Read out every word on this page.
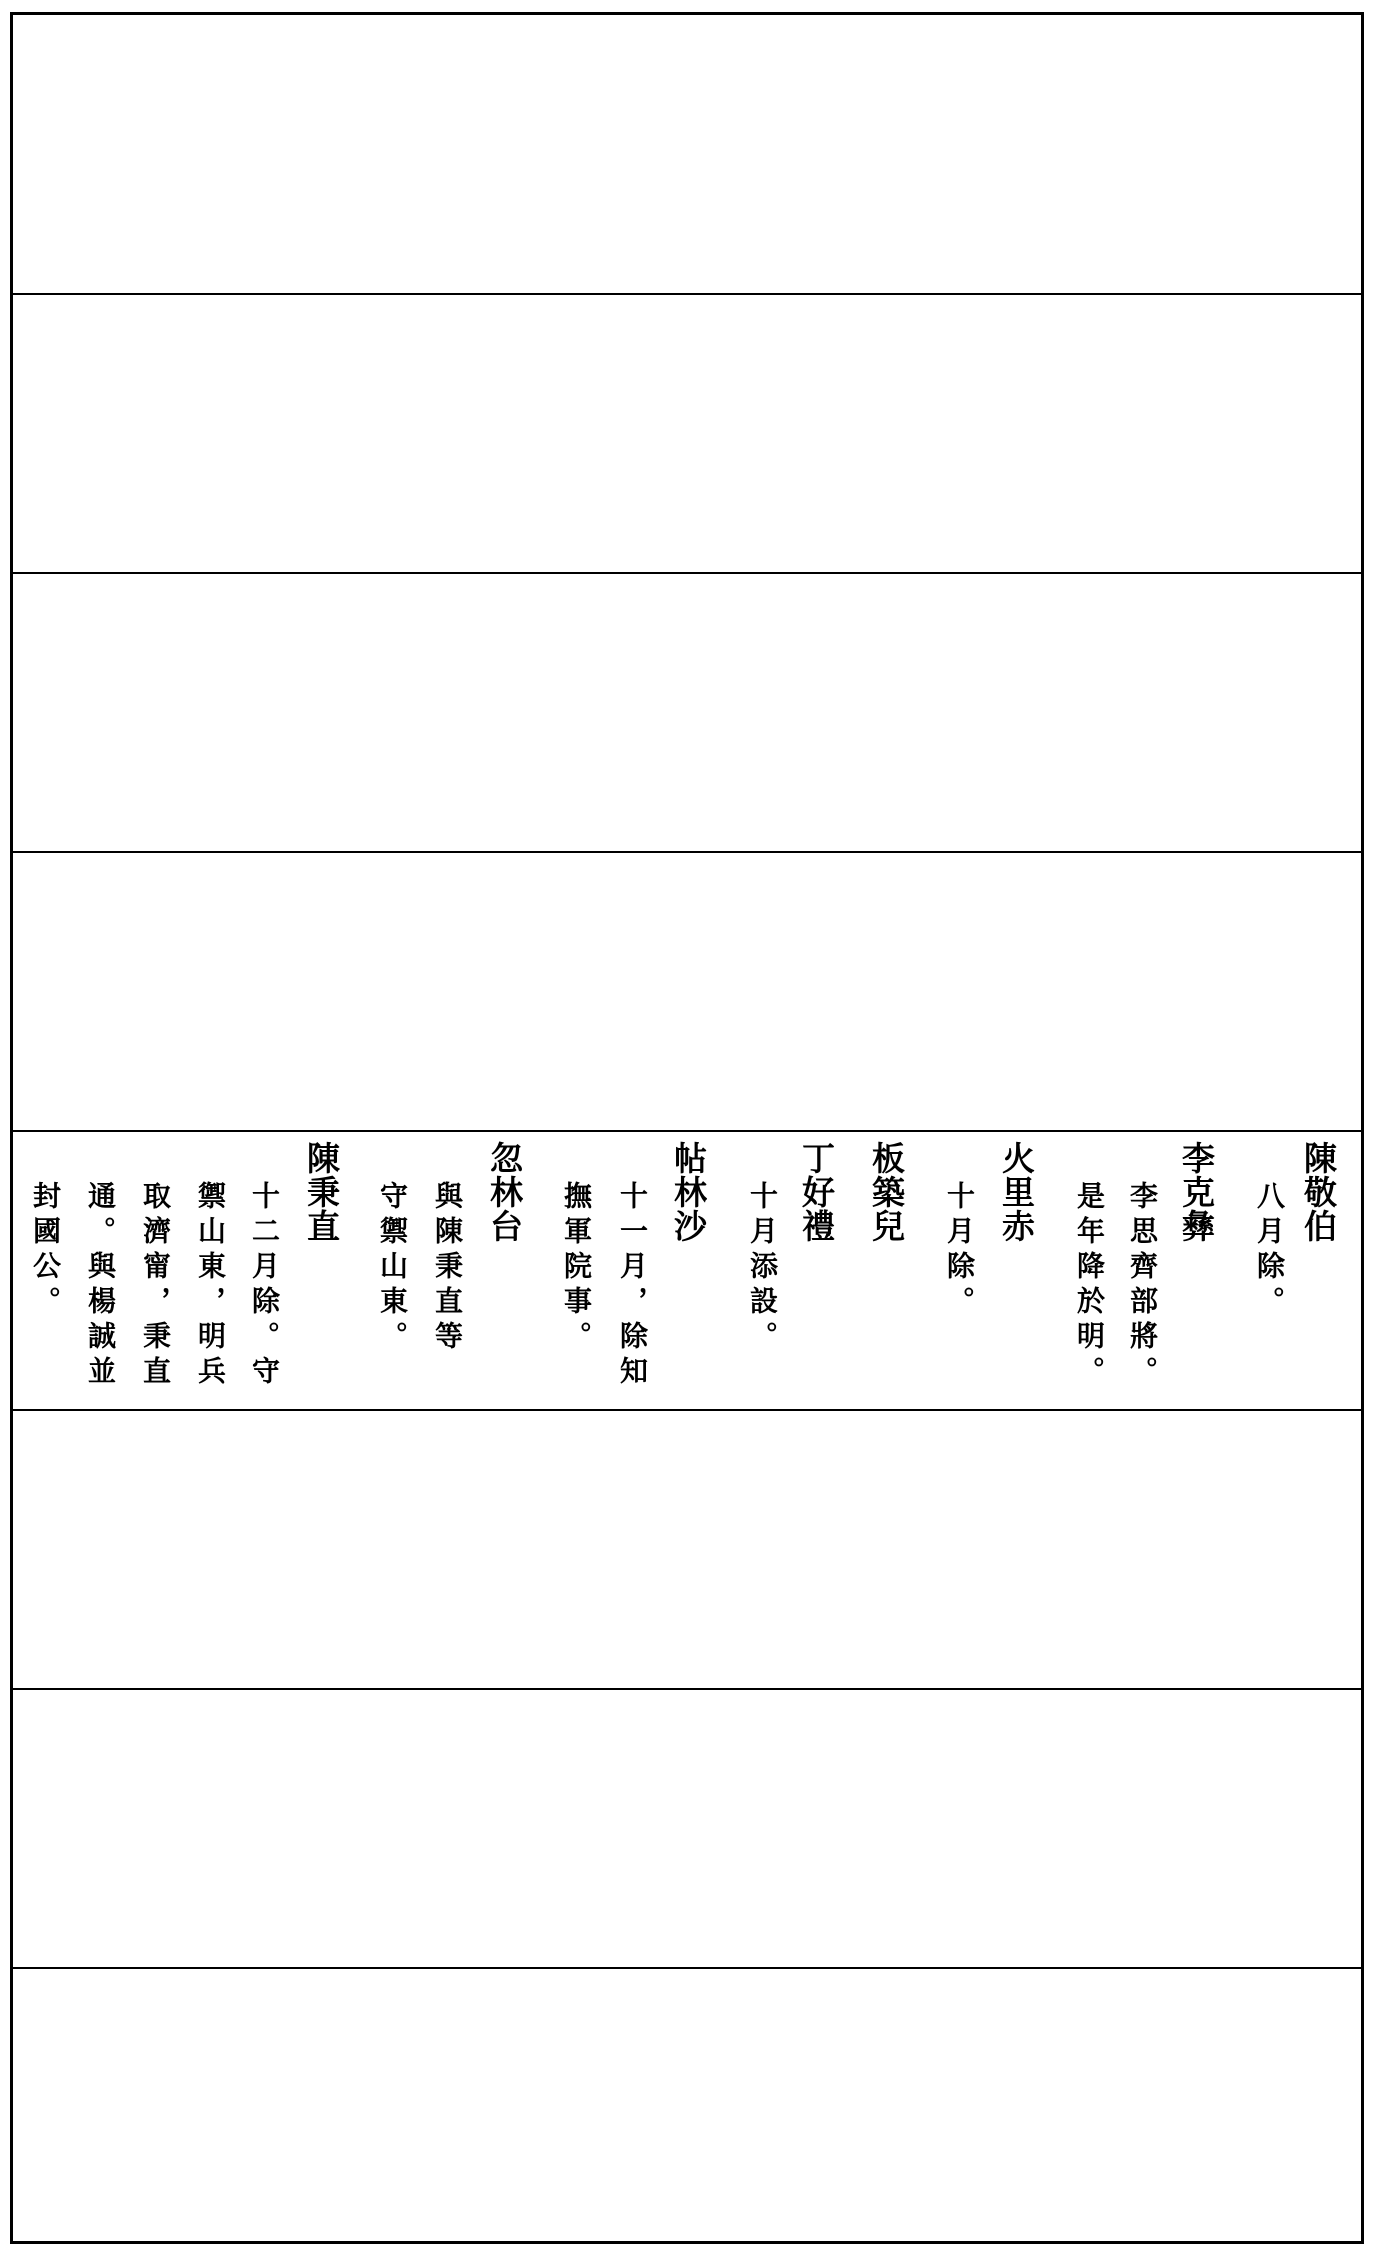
陳敬伯
八月除。
李克彝
李思齊部將。
是年降於明。
火里赤
十月除。
板築兒
丁好禮
十月添設。
帖林沙
十一月，除知
撫軍院事。
忽林台
與陳秉直等
守禦山東。
陳秉直
十二月除。守
禦山東，明兵
取濟甯，秉直
通。與楊誠並
封國公。
